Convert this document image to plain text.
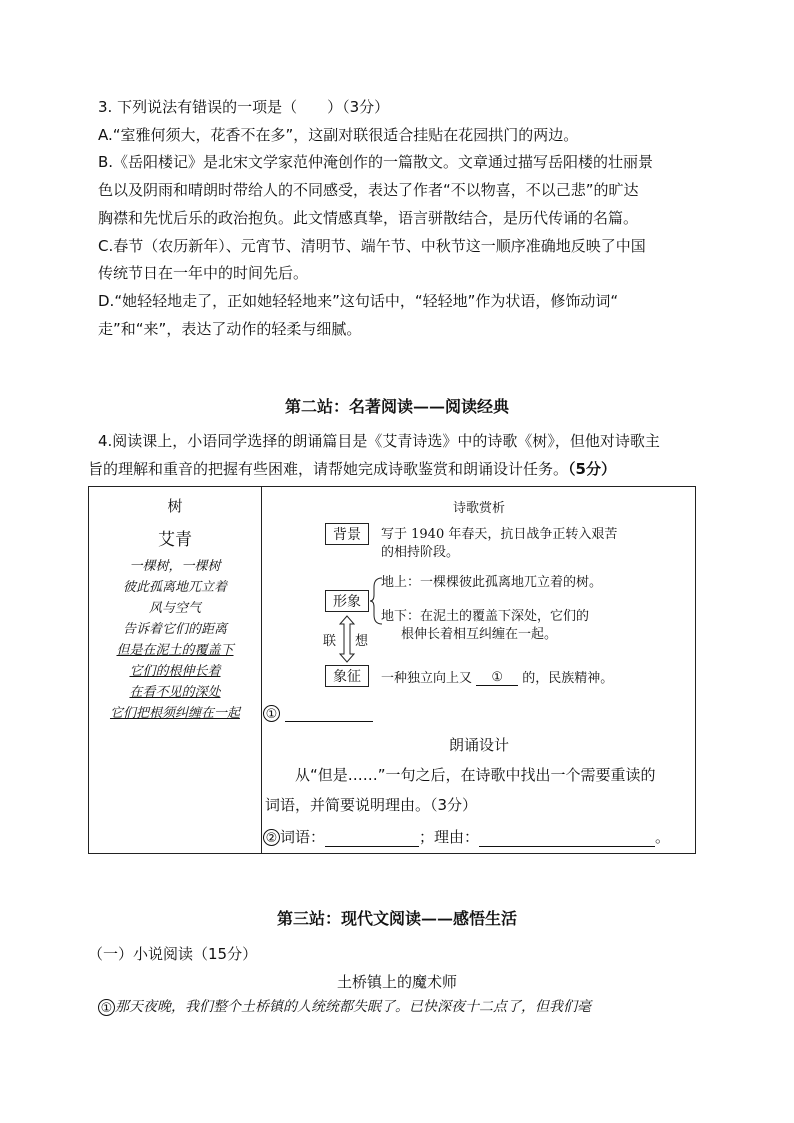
3. 下列说法有错误的一项是（　　）（3分）
A.“室雅何须大，花香不在多”，这副对联很适合挂贴在花园拱门的两边。
B.《岳阳楼记》是北宋文学家范仲淹创作的一篇散文。文章通过描写岳阳楼的壮丽景
色以及阴雨和晴朗时带给人的不同感受，表达了作者“不以物喜，不以己悲”的旷达
胸襟和先忧后乐的政治抱负。此文情感真挚，语言骈散结合，是历代传诵的名篇。
C.春节（农历新年）、元宵节、清明节、端午节、中秋节这一顺序准确地反映了中国
传统节日在一年中的时间先后。
D.“她轻轻地走了，正如她轻轻地来”这句话中，“轻轻地”作为状语，修饰动词“
走”和“来”，表达了动作的轻柔与细腻。
第二站：名著阅读——阅读经典
4.阅读课上，小语同学选择的朗诵篇目是《艾青诗选》中的诗歌《树》，但他对诗歌主
旨的理解和重音的把握有些困难，请帮她完成诗歌鉴赏和朗诵设计任务。（5分）
树
艾青
一棵树，一棵树
彼此孤离地兀立着
风与空气
告诉着它们的距离
但是在泥土的覆盖下
它们的根伸长着
在看不见的深处
它们把根须纠缠在一起
诗歌赏析
背景	写于 1940 年春天，抗日战争正转入艰苦
的相持阶段。
形象
地上：一棵棵彼此孤离地兀立着的树。
地下：在泥土的覆盖下深处，它们的
根伸长着相互纠缠在一起。
联 想
象征	一种独立向上又 ① 的，民族精神。
①
朗诵设计
从“但是……”一句之后，在诗歌中找出一个需要重读的
词语，并简要说明理由。（3分）
② 词语：	；理由：	。
第三站：现代文阅读——感悟生活
（一）小说阅读（15分）
土桥镇上的魔术师
① 那天夜晚，我们整个土桥镇的人统统都失眠了。已快深夜十二点了，但我们毫
